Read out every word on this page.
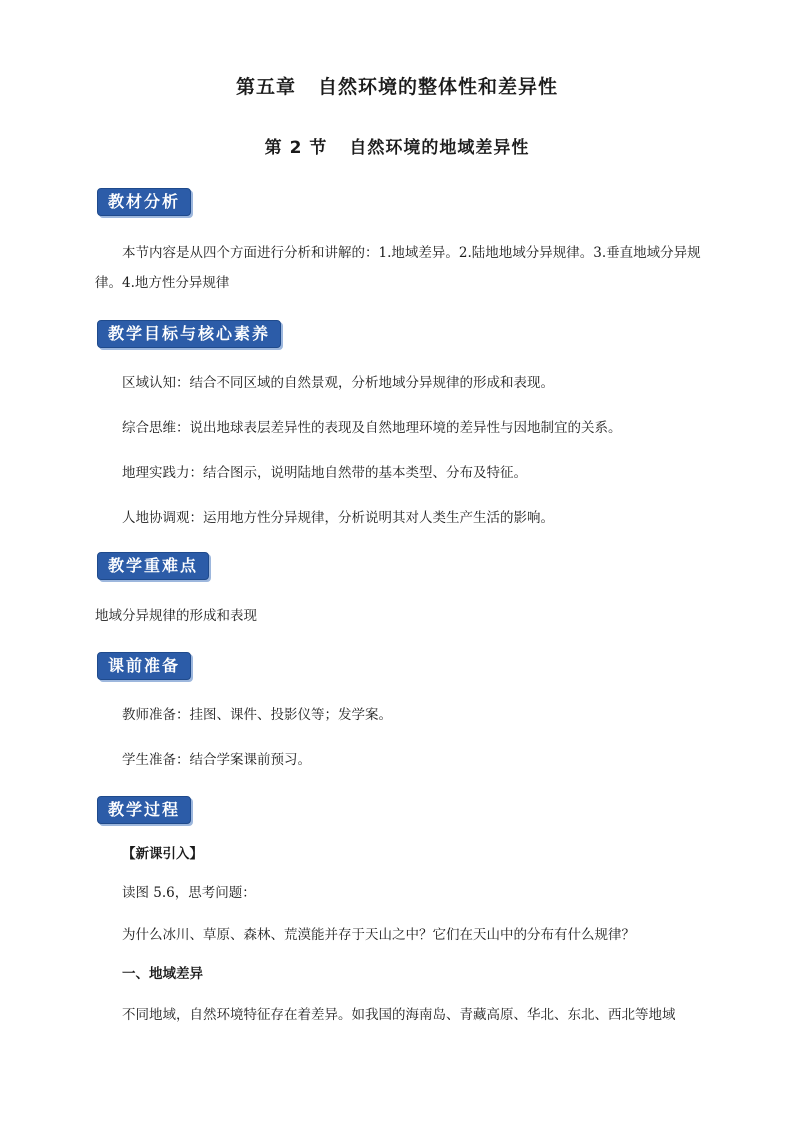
第五章 自然环境的整体性和差异性
第 2 节 自然环境的地域差异性
教材分析

本节内容是从四个方面进行分析和讲解的：1.地域差异。2.陆地地域分异规律。3.垂直地域分异规律。4.地方性分异规律

教学目标与核心素养

区域认知：结合不同区域的自然景观，分析地域分异规律的形成和表现。

综合思维：说出地球表层差异性的表现及自然地理环境的差异性与因地制宜的关系。

地理实践力：结合图示，说明陆地自然带的基本类型、分布及特征。

人地协调观：运用地方性分异规律，分析说明其对人类生产生活的影响。

教学重难点

地域分异规律的形成和表现

课前准备

教师准备：挂图、课件、投影仪等；发学案。

学生准备：结合学案课前预习。

教学过程

【新课引入】

读图 5.6，思考问题：

为什么冰川、草原、森林、荒漠能并存于天山之中？它们在天山中的分布有什么规律？

一、地域差异

不同地域，自然环境特征存在着差异。如我国的海南岛、青藏高原、华北、东北、西北等地域
